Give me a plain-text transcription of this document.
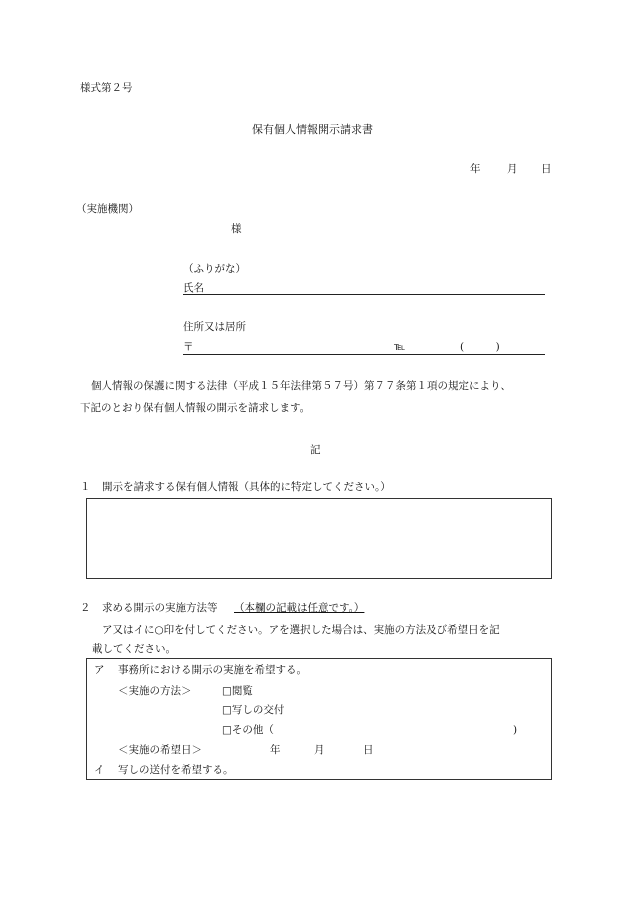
様式第２号
保有個人情報開示請求書
年	月 日
（実施機関）
様
（ふりがな）
氏名
住所又は居所
〒	℡	(　　　)
個人情報の保護に関する法律（平成１５年法律第５７号）第７７条第１項の規定により、
下記のとおり保有個人情報の開示を請求します。
記
１ 開示を請求する保有個人情報（具体的に特定してください。）
２ 求める開示の実施方法等 （本欄の記載は任意です。）
ア又はイに○印を付してください。アを選択した場合は、実施の方法及び希望日を記
載してください。
ア 事務所における開示の実施を希望する。
＜実施の方法＞	□閲覧
□写しの交付
□その他（	)
＜実施の希望日＞	年	月	日
イ 写しの送付を希望する。
